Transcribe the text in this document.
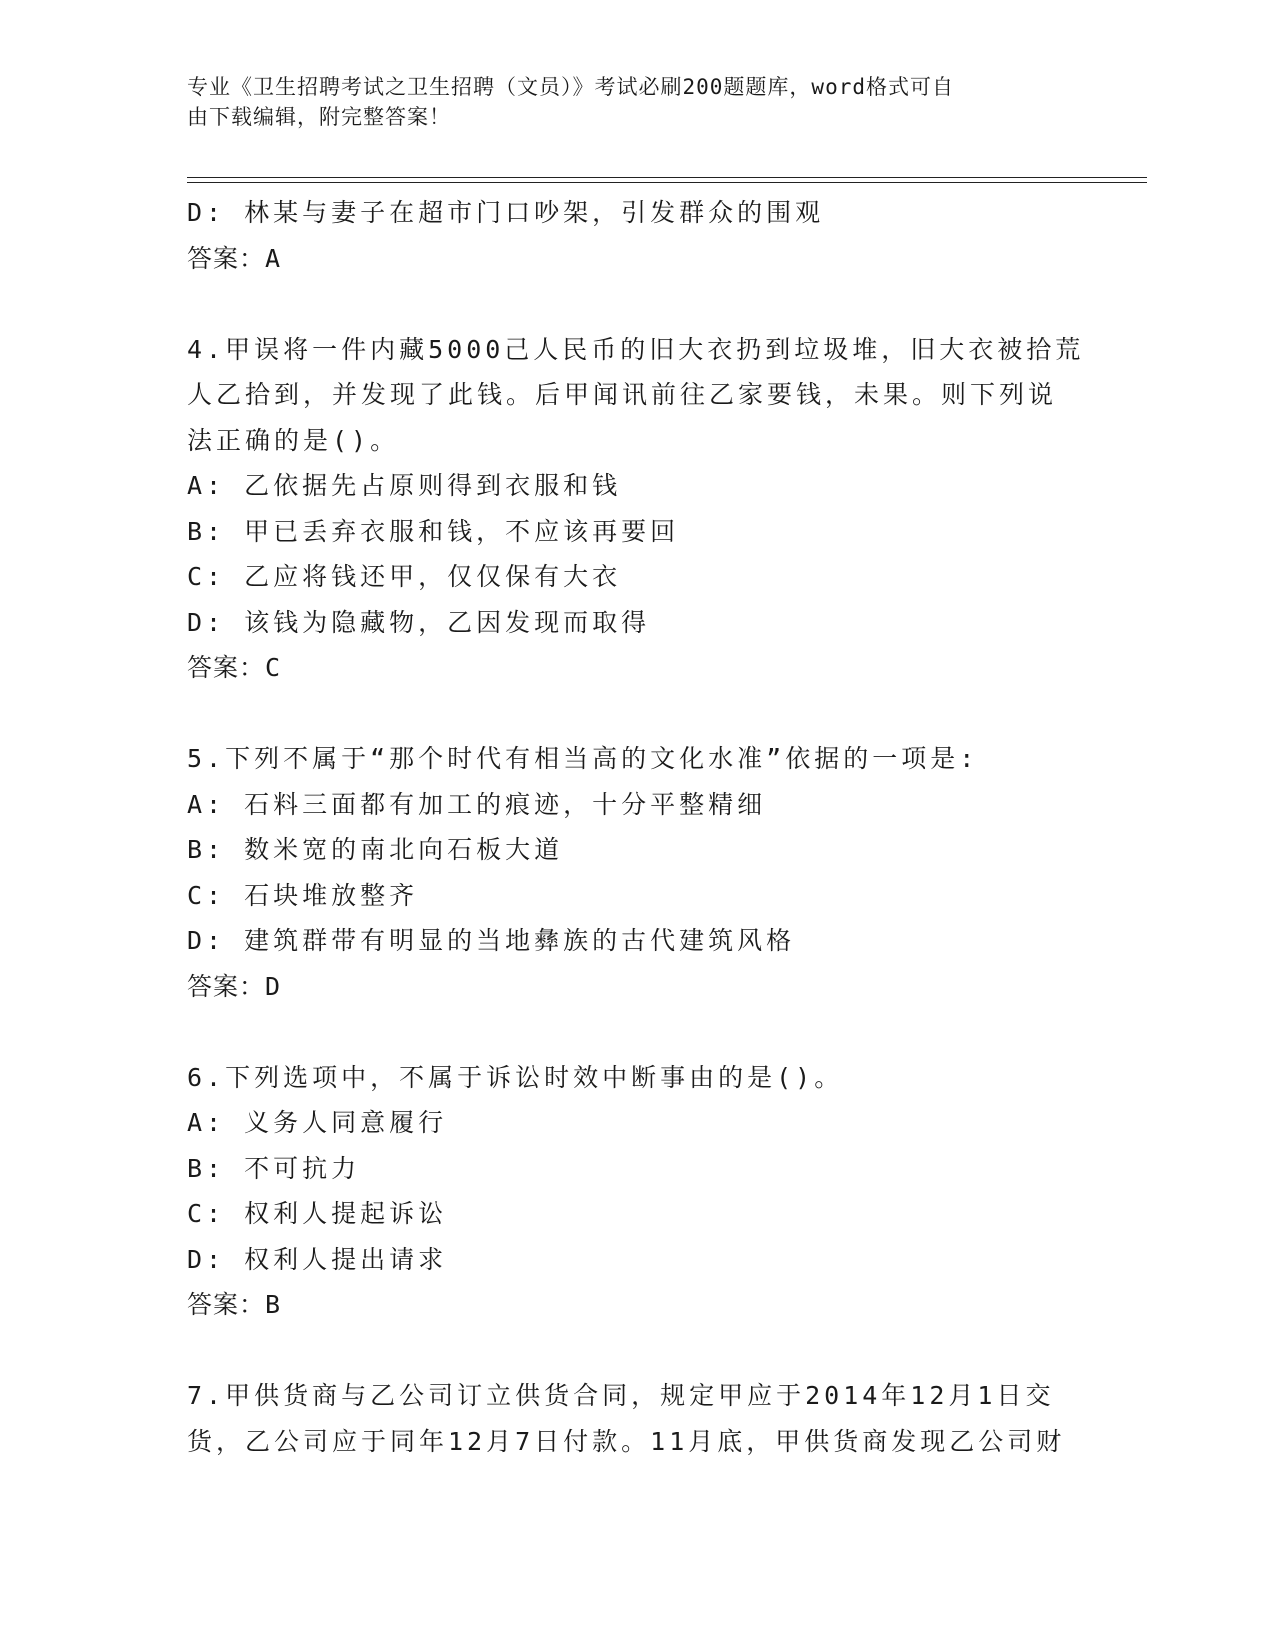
专业《卫生招聘考试之卫生招聘（文员）》考试必刷200题题库，word格式可自
由下载编辑，附完整答案！
D: 林某与妻子在超市门口吵架，引发群众的围观
答案：A
4.甲误将一件内藏5000己人民币的旧大衣扔到垃圾堆，旧大衣被拾荒
人乙拾到，并发现了此钱。后甲闻讯前往乙家要钱，未果。则下列说
法正确的是()。
A: 乙依据先占原则得到衣服和钱
B: 甲已丢弃衣服和钱，不应该再要回
C: 乙应将钱还甲，仅仅保有大衣
D: 该钱为隐藏物，乙因发现而取得
答案：C
5.下列不属于“那个时代有相当高的文化水准”依据的一项是:
A: 石料三面都有加工的痕迹，十分平整精细
B: 数米宽的南北向石板大道
C: 石块堆放整齐
D: 建筑群带有明显的当地彝族的古代建筑风格
答案：D
6.下列选项中，不属于诉讼时效中断事由的是()。
A: 义务人同意履行
B: 不可抗力
C: 权利人提起诉讼
D: 权利人提出请求
答案：B
7.甲供货商与乙公司订立供货合同，规定甲应于2014年12月1日交
货，乙公司应于同年12月7日付款。11月底，甲供货商发现乙公司财
